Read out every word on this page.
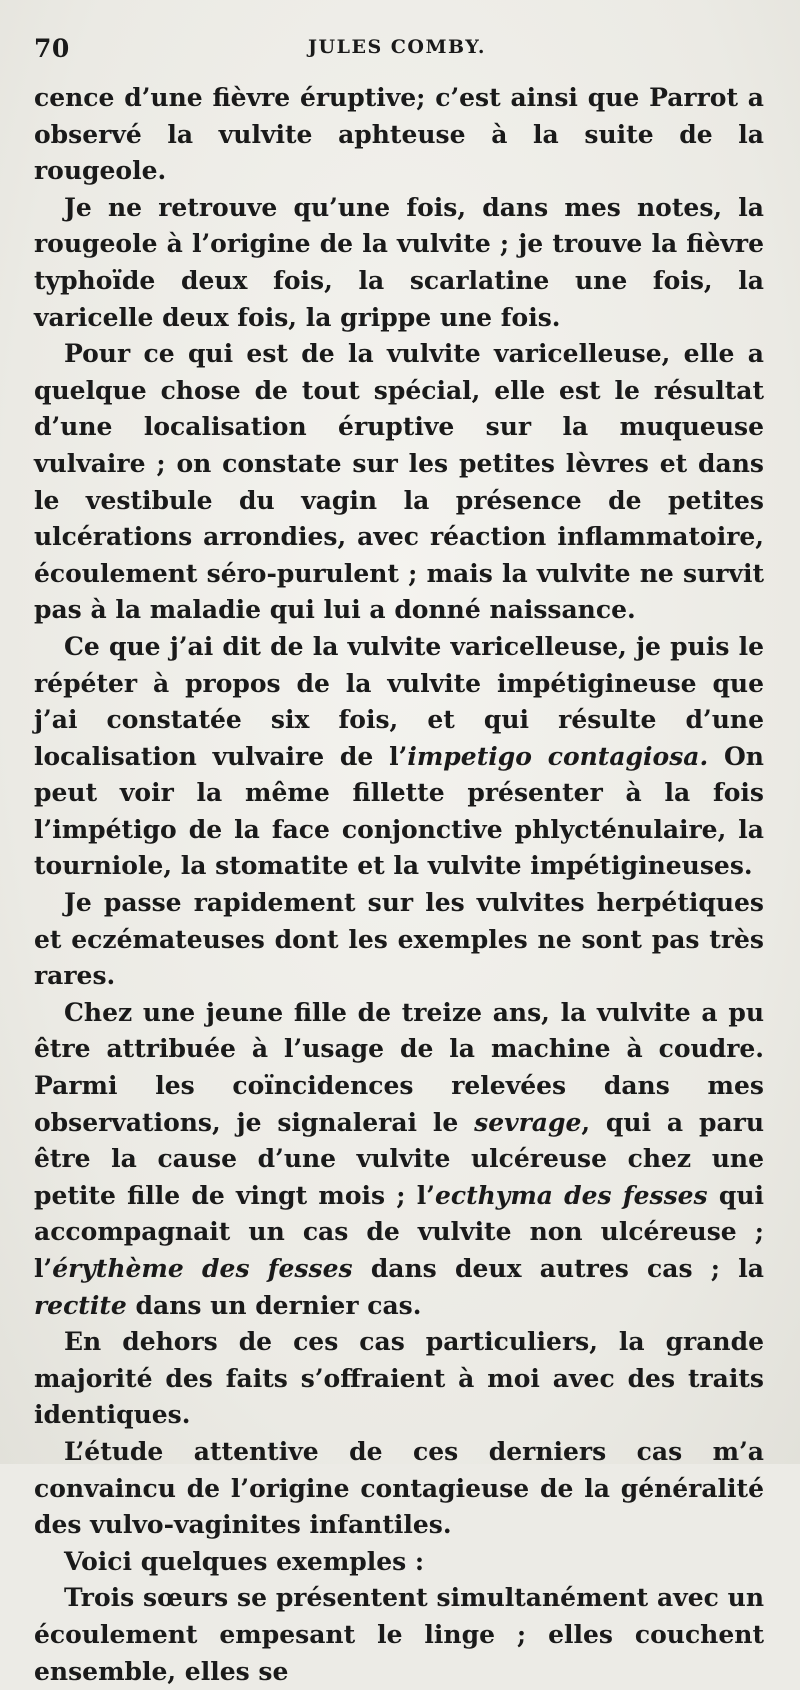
70	JULES COMBY.

cence d’une fièvre éruptive; c’est ainsi que Parrot a observé la vulvite aphteuse à la suite de la rougeole.

Je ne retrouve qu’une fois, dans mes notes, la rougeole à l’origine de la vulvite ; je trouve la fièvre typhoïde deux fois, la scarlatine une fois, la varicelle deux fois, la grippe une fois.

Pour ce qui est de la vulvite varicelleuse, elle a quelque chose de tout spécial, elle est le résultat d’une localisation éruptive sur la muqueuse vulvaire ; on constate sur les petites lèvres et dans le vestibule du vagin la présence de petites ulcérations arrondies, avec réaction inflammatoire, écoulement séro-purulent ; mais la vulvite ne survit pas à la maladie qui lui a donné naissance.

Ce que j’ai dit de la vulvite varicelleuse, je puis le répéter à propos de la vulvite impétigineuse que j’ai constatée six fois, et qui résulte d’une localisation vulvaire de l’impetigo contagiosa. On peut voir la même fillette présenter à la fois l’impétigo de la face conjonctive phlycténulaire, la tourniole, la stomatite et la vulvite impétigineuses.

Je passe rapidement sur les vulvites herpétiques et eczémateuses dont les exemples ne sont pas très rares.

Chez une jeune fille de treize ans, la vulvite a pu être attribuée à l’usage de la machine à coudre. Parmi les coïncidences relevées dans mes observations, je signalerai le sevrage, qui a paru être la cause d’une vulvite ulcéreuse chez une petite fille de vingt mois ; l’ecthyma des fesses qui accompagnait un cas de vulvite non ulcéreuse ; l’érythème des fesses dans deux autres cas ; la rectite dans un dernier cas.

En dehors de ces cas particuliers, la grande majorité des faits s’offraient à moi avec des traits identiques.

L’étude attentive de ces derniers cas m’a convaincu de l’origine contagieuse de la généralité des vulvo-vaginites infantiles.

Voici quelques exemples :

Trois sœurs se présentent simultanément avec un écoulement empesant le linge ; elles couchent ensemble, elles se
